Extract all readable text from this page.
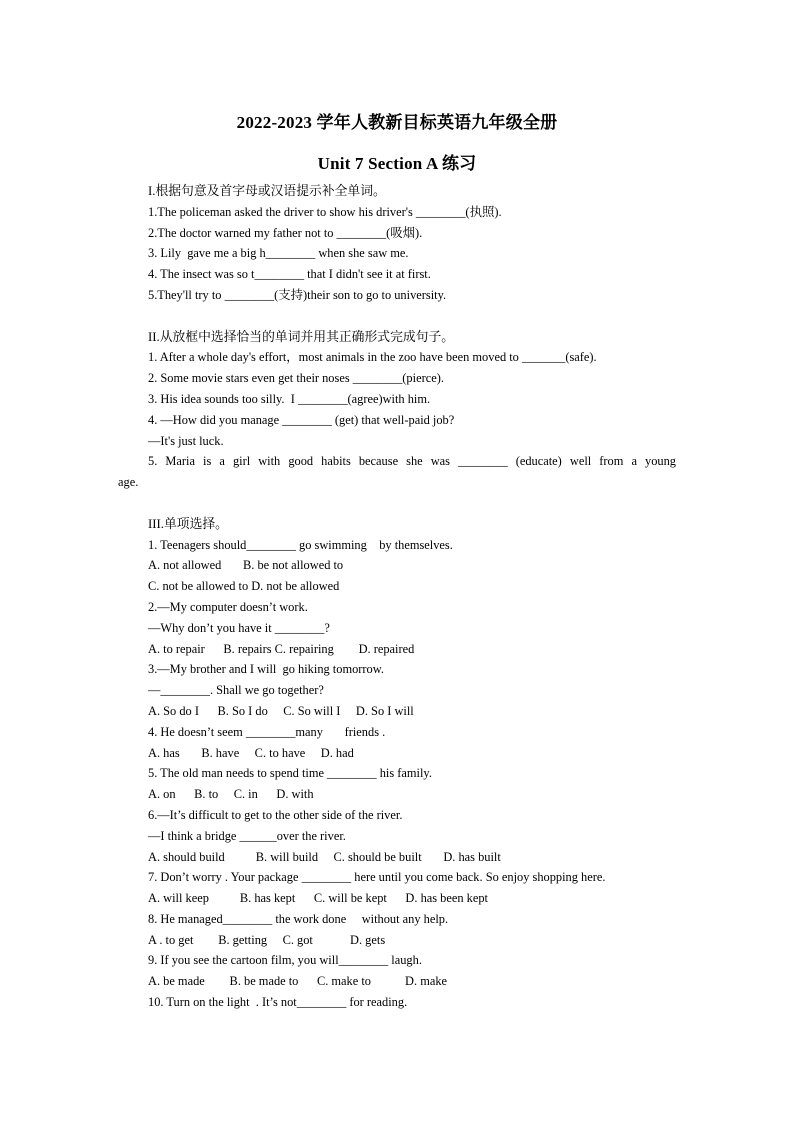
2022-2023 学年人教新目标英语九年级全册
Unit 7 Section A 练习
I.根据句意及首字母或汉语提示补全单词。
1.The policeman asked the driver to show his driver's ________(执照).
2.The doctor warned my father not to ________(吸烟).
3. Lily  gave me a big h________ when she saw me.
4. The insect was so t________ that I didn't see it at first.
5.They'll try to ________(支持)their son to go to university.
II.从放框中选择恰当的单词并用其正确形式完成句子。
1. After a whole day's effort，most animals in the zoo have been moved to _______(safe).
2. Some movie stars even get their noses ________(pierce).
3. His idea sounds too silly.  I ________(agree)with him.
4. —How did you manage ________ (get) that well-paid job?
—It's just luck.
5. Maria is a girl with good habits because she was ________ (educate) well from a young
age.
III.单项选择。
1. Teenagers should________ go swimming    by themselves.
A. not allowed       B. be not allowed to
C. not be allowed to D. not be allowed
2.—My computer doesn’t work.
—Why don’t you have it ________?
A. to repair      B. repairs C. repairing        D. repaired
3.—My brother and I will  go hiking tomorrow.
—________. Shall we go together?
A. So do I      B. So I do     C. So will I     D. So I will
4. He doesn’t seem ________many       friends .
A. has       B. have     C. to have     D. had
5. The old man needs to spend time ________ his family.
A. on      B. to     C. in      D. with
6.—It’s difficult to get to the other side of the river.
—I think a bridge ______over the river.
A. should build          B. will build     C. should be built       D. has built
7. Don’t worry . Your package ________ here until you come back. So enjoy shopping here.
A. will keep          B. has kept      C. will be kept      D. has been kept
8. He managed________ the work done     without any help.
A . to get        B. getting     C. got            D. gets
9. If you see the cartoon film, you will________ laugh.
A. be made        B. be made to      C. make to           D. make
10. Turn on the light  . It’s not________ for reading.
